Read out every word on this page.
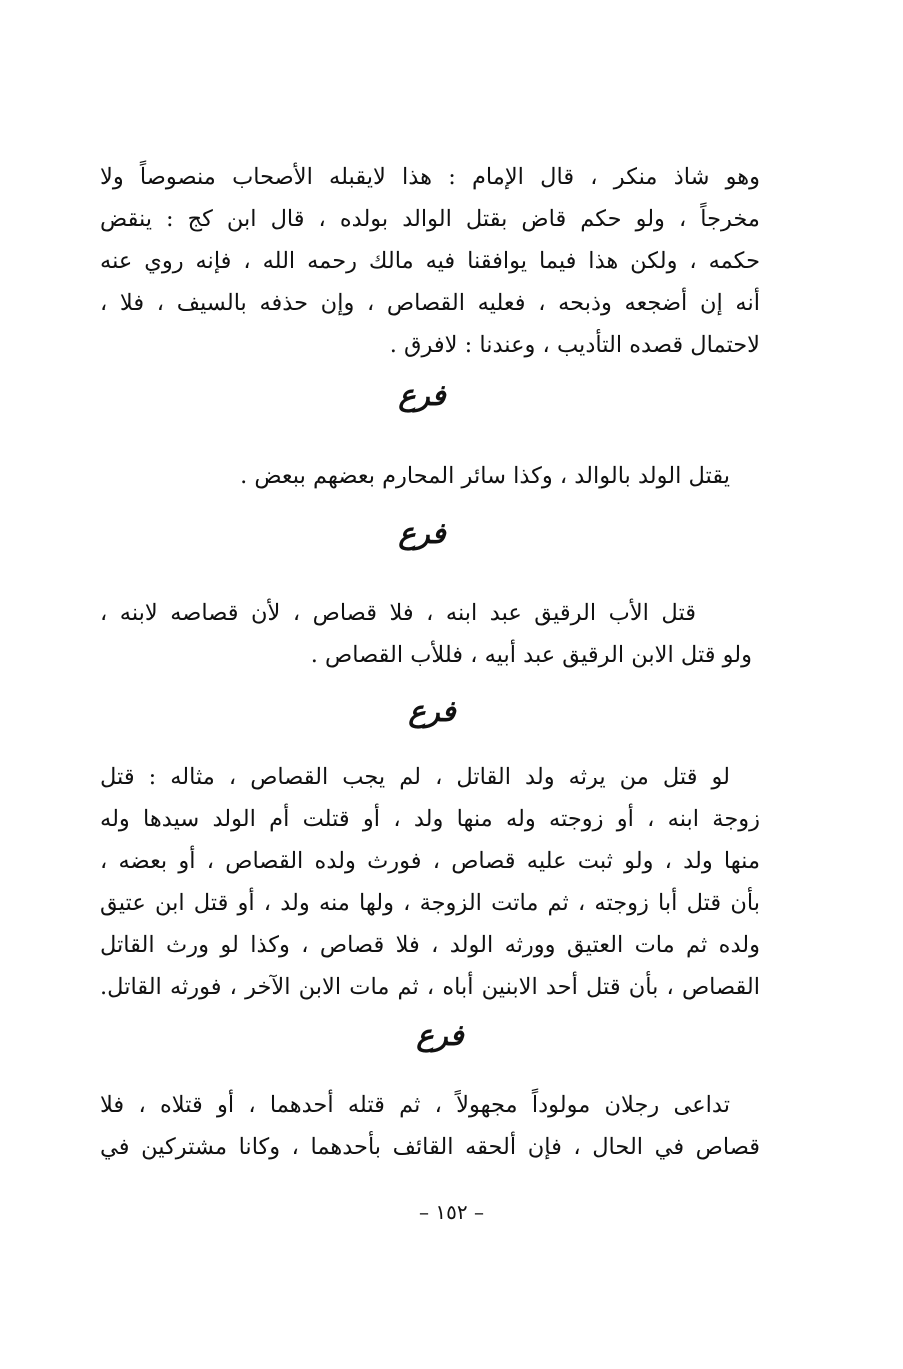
وهو شاذ منكر ، قال الإمام : هذا لايقبله الأصحاب منصوصاً ولا
مخرجاً ، ولو حكم قاض بقتل الوالد بولده ، قال ابن كج : ينقض
حكمه ، ولكن هذا فيما يوافقنا فيه مالك رحمه الله ، فإنه روي عنه
أنه إن أضجعه وذبحه ، فعليه القصاص ، وإن حذفه بالسيف ، فلا ،
لاحتمال قصده التأديب ، وعندنا : لافرق .
فرع
يقتل الولد بالوالد ، وكذا سائر المحارم بعضهم ببعض .
فرع
قتل الأب الرقيق عبد ابنه ، فلا قصاص ، لأن قصاصه لابنه ،
ولو قتل الابن الرقيق عبد أبيه ، فللأب القصاص .
فرع
لو قتل من يرثه ولد القاتل ، لم يجب القصاص ، مثاله : قتل
زوجة ابنه ، أو زوجته وله منها ولد ، أو قتلت أم الولد سيدها وله
منها ولد ، ولو ثبت عليه قصاص ، فورث ولده القصاص ، أو بعضه ،
بأن قتل أبا زوجته ، ثم ماتت الزوجة ، ولها منه ولد ، أو قتل ابن عتيق
ولده ثم مات العتيق وورثه الولد ، فلا قصاص ، وكذا لو ورث القاتل
القصاص ، بأن قتل أحد الابنين أباه ، ثم مات الابن الآخر ، فورثه القاتل.
فرع
تداعى رجلان مولوداً مجهولاً ، ثم قتله أحدهما ، أو قتلاه ، فلا
قصاص في الحال ، فإن ألحقه القائف بأحدهما ، وكانا مشتركين في
– ١٥٢ –
